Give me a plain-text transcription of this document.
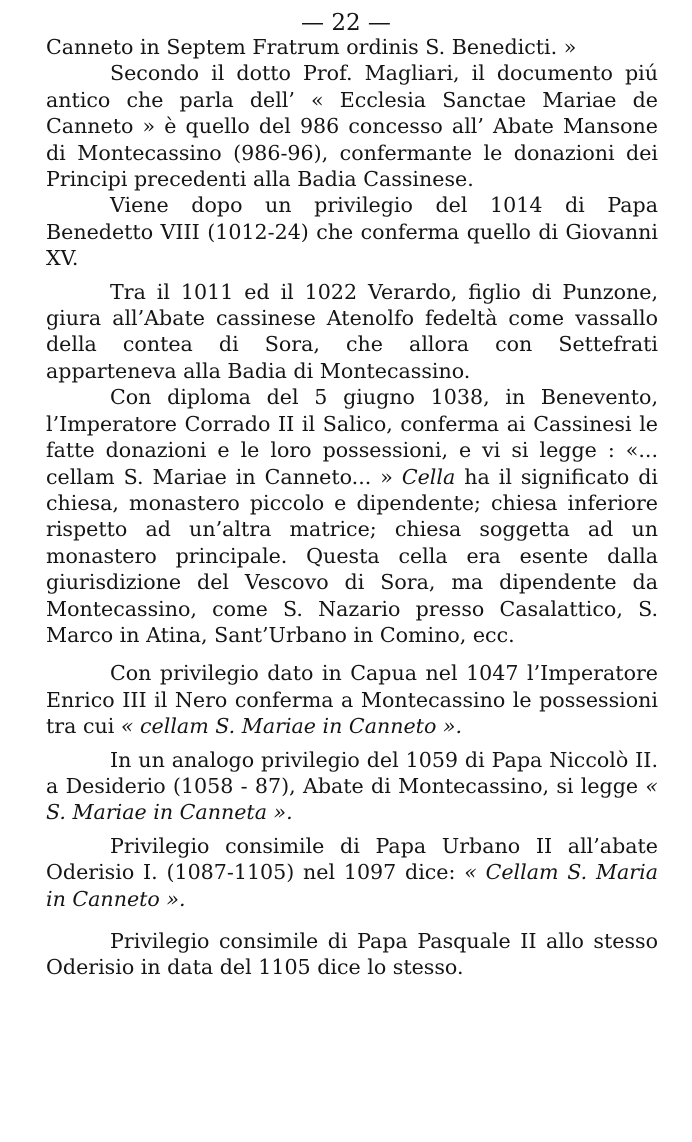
— 22 —

Canneto in Septem Fratrum ordinis S. Benedicti. »

Secondo il dotto Prof. Magliari, il documento piú antico che parla dell’ « Ecclesia Sanctae Mariae de Canneto » è quello del 986 concesso all’ Abate Mansone di Montecassino (986-96), confermante le donazioni dei Principi precedenti alla Badia Cassinese.

Viene dopo un privilegio del 1014 di Papa Benedetto VIII (1012-24) che conferma quello di Giovanni XV.

Tra il 1011 ed il 1022 Verardo, figlio di Punzone, giura all’Abate cassinese Atenolfo fedeltà come vassallo della contea di Sora, che allora con Settefrati apparteneva alla Badia di Montecassino.

Con diploma del 5 giugno 1038, in Benevento, l’Imperatore Corrado II il Salico, conferma ai Cassinesi le fatte donazioni e le loro possessioni, e vi si legge : «... cellam S. Mariae in Canneto... » Cella ha il significato di chiesa, monastero piccolo e dipendente; chiesa inferiore rispetto ad un’altra matrice; chiesa soggetta ad un monastero principale. Questa cella era esente dalla giurisdizione del Vescovo di Sora, ma dipendente da Montecassino, come S. Nazario presso Casalattico, S. Marco in Atina, Sant’Urbano in Comino, ecc.

Con privilegio dato in Capua nel 1047 l’Imperatore Enrico III il Nero conferma a Montecassino le possessioni tra cui « cellam S. Mariae in Canneto ».

In un analogo privilegio del 1059 di Papa Niccolò II. a Desiderio (1058 - 87), Abate di Montecassino, si legge « S. Mariae in Canneta ».

Privilegio consimile di Papa Urbano II all’abate Oderisio I. (1087-1105) nel 1097 dice: « Cellam S. Maria in Canneto ».

Privilegio consimile di Papa Pasquale II allo stesso Oderisio in data del 1105 dice lo stesso.
